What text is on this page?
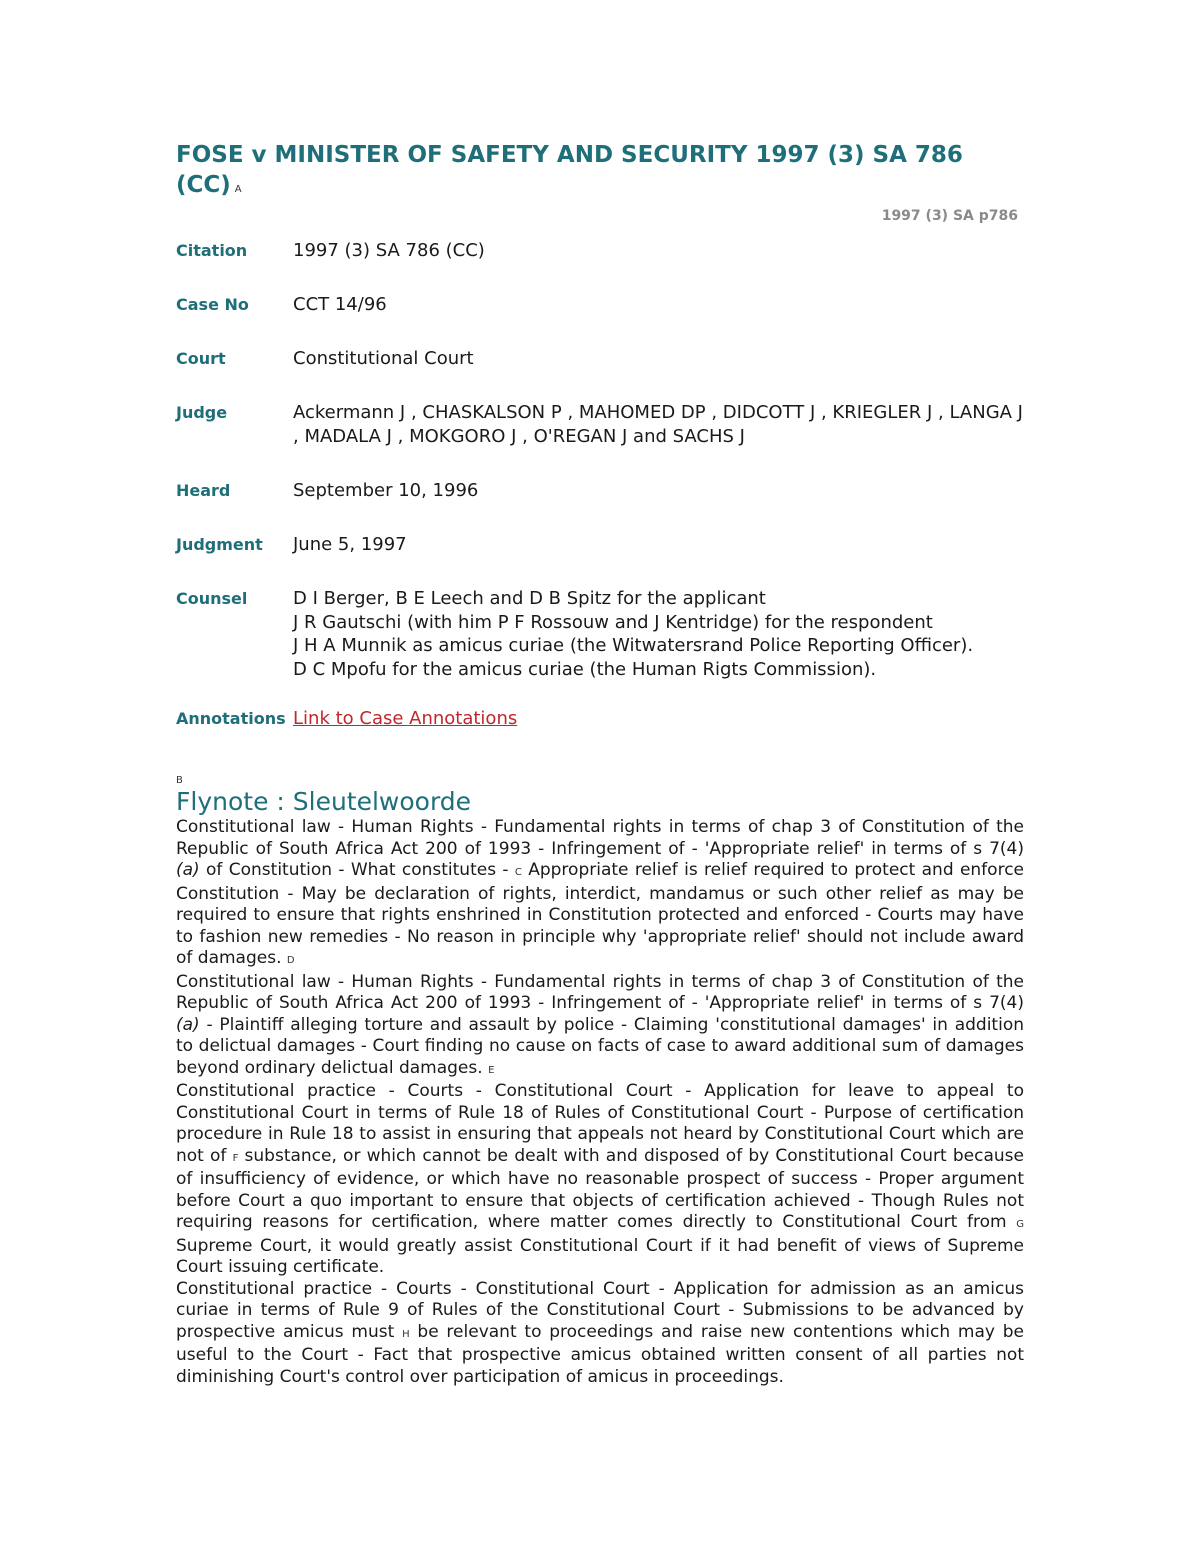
FOSE v MINISTER OF SAFETY AND SECURITY 1997 (3) SA 786 (CC) A
1997 (3) SA p786
Citation	1997 (3) SA 786 (CC)
Case No	CCT 14/96
Court	Constitutional Court
Judge	Ackermann J , CHASKALSON P , MAHOMED DP , DIDCOTT J , KRIEGLER J , LANGA J , MADALA J , MOKGORO J , O'REGAN J and SACHS J
Heard	September 10, 1996
Judgment	June 5, 1997
Counsel	D I Berger, B E Leech and D B Spitz for the applicant
J R Gautschi (with him P F Rossouw and J Kentridge) for the respondent
J H A Munnik as amicus curiae (the Witwatersrand Police Reporting Officer).
D C Mpofu for the amicus curiae (the Human Rigts Commission).
Annotations Link to Case Annotations
B
Flynote : Sleutelwoorde

Constitutional law - Human Rights - Fundamental rights in terms of chap 3 of Constitution of the Republic of South Africa Act 200 of 1993 - Infringement of - 'Appropriate relief' in terms of s 7(4) (a) of Constitution - What constitutes - C Appropriate relief is relief required to protect and enforce Constitution - May be declaration of rights, interdict, mandamus or such other relief as may be required to ensure that rights enshrined in Constitution protected and enforced - Courts may have to fashion new remedies - No reason in principle why 'appropriate relief' should not include award of damages. D

Constitutional law - Human Rights - Fundamental rights in terms of chap 3 of Constitution of the Republic of South Africa Act 200 of 1993 - Infringement of - 'Appropriate relief' in terms of s 7(4) (a) - Plaintiff alleging torture and assault by police - Claiming 'constitutional damages' in addition to delictual damages - Court finding no cause on facts of case to award additional sum of damages beyond ordinary delictual damages. E

Constitutional practice - Courts - Constitutional Court - Application for leave to appeal to Constitutional Court in terms of Rule 18 of Rules of Constitutional Court - Purpose of certification procedure in Rule 18 to assist in ensuring that appeals not heard by Constitutional Court which are not of F substance, or which cannot be dealt with and disposed of by Constitutional Court because of insufficiency of evidence, or which have no reasonable prospect of success - Proper argument before Court a quo important to ensure that objects of certification achieved - Though Rules not requiring reasons for certification, where matter comes directly to Constitutional Court from G Supreme Court, it would greatly assist Constitutional Court if it had benefit of views of Supreme Court issuing certificate.

Constitutional practice - Courts - Constitutional Court - Application for admission as an amicus curiae in terms of Rule 9 of Rules of the Constitutional Court - Submissions to be advanced by prospective amicus must H be relevant to proceedings and raise new contentions which may be useful to the Court - Fact that prospective amicus obtained written consent of all parties not diminishing Court's control over participation of amicus in proceedings.
